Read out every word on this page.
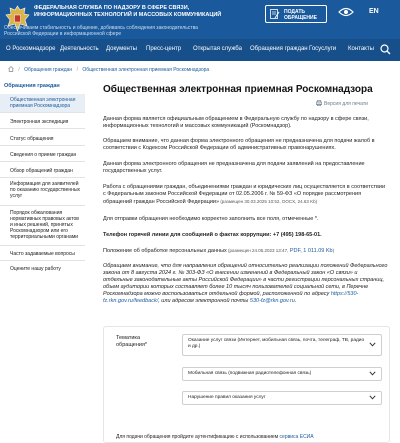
ФЕДЕРАЛЬНАЯ СЛУЖБА ПО НАДЗОРУ В СФЕРЕ СВЯЗИ,
ИНФОРМАЦИОННЫХ ТЕХНОЛОГИЙ И МАССОВЫХ КОММУНИКАЦИЙ
Обеспечиваем стабильность и общение, добиваясь соблюдения законодательства
Российской Федерации в информационной сфере
ПОДАТЬ
ОБРАЩЕНИЕ
EN
О Роскомнадзоре Деятельность Документы Пресс-центр Открытая служба Обращения граждан Госуслуги Контакты
/ Обращения граждан / Общественная электронная приемная Роскомнадзора
Обращения граждан
Общественная электронная приемная Роскомнадзора
Электронная экспедиция
Статус обращения
Сведения о приеме граждан
Обзор обращений граждан
Информация для заявителей по оказанию государственных услуг
Порядок обжалования нормативных правовых актов и иных решений, принятых Роскомнадзором или его территориальными органами
Часто задаваемые вопросы
Оцените нашу работу
Общественная электронная приемная Роскомнадзора
Версия для печати
Данная форма является официальным обращением в Федеральную службу по надзору в сфере связи, информационных технологий и массовых коммуникаций (Роскомнадзор).
Обращаем внимание, что данная форма электронного обращения не предназначена для подачи жалоб в соответствии с Кодексом Российской Федерации об административных правонарушениях.
Данная форма электронного обращения не предназначена для подачи заявлений на предоставление государственных услуг.
Работа с обращениями граждан, объединениями граждан и юридических лиц осуществляется в соответствии с Федеральным законом Российской Федерации от 02.05.2006 г. № 59-ФЗ «О порядке рассмотрения обращений граждан Российской Федерации» (размещен 30.03.2025 10:52, DOCX, 24.63 Kb)
Для отправки обращения необходимо корректно заполнить все поля, отмеченные *.
Телефон горячей линии для сообщений о фактах коррупции: +7 (495) 198-65-01.
Положение об обработке персональных данных (размещен 24.05.2023 13:47, PDF, 1 011.09 Kb)
Обращаем внимание, что для направления обращений относительно реализации положений Федерального закона от 8 августа 2024 г. № 303-ФЗ «О внесении изменений в Федеральный закон «О связи» и отдельные законодательные акты Российской Федерации» в части регистрации персональных страниц, объем аудитории которых составляет более 10 тысяч пользователей социальной сети, в Перечне Роскомнадзора можно воспользоваться отдельной формой, расположенной по адресу https://530-fz.rkn.gov.ru/feedback/, или адресом электронной почты 530-fz@rkn.gov.ru.
Тематика обращения*
Оказание услуг связи (Интернет, мобильная связь, почта, телеграф, ТВ, радио и др.)
Мобильная связь (подвижная радиотелефонная связь)
Нарушение правил оказания услуг
Для подачи обращения пройдите аутентификацию с использованием сервиса ЕСИА
